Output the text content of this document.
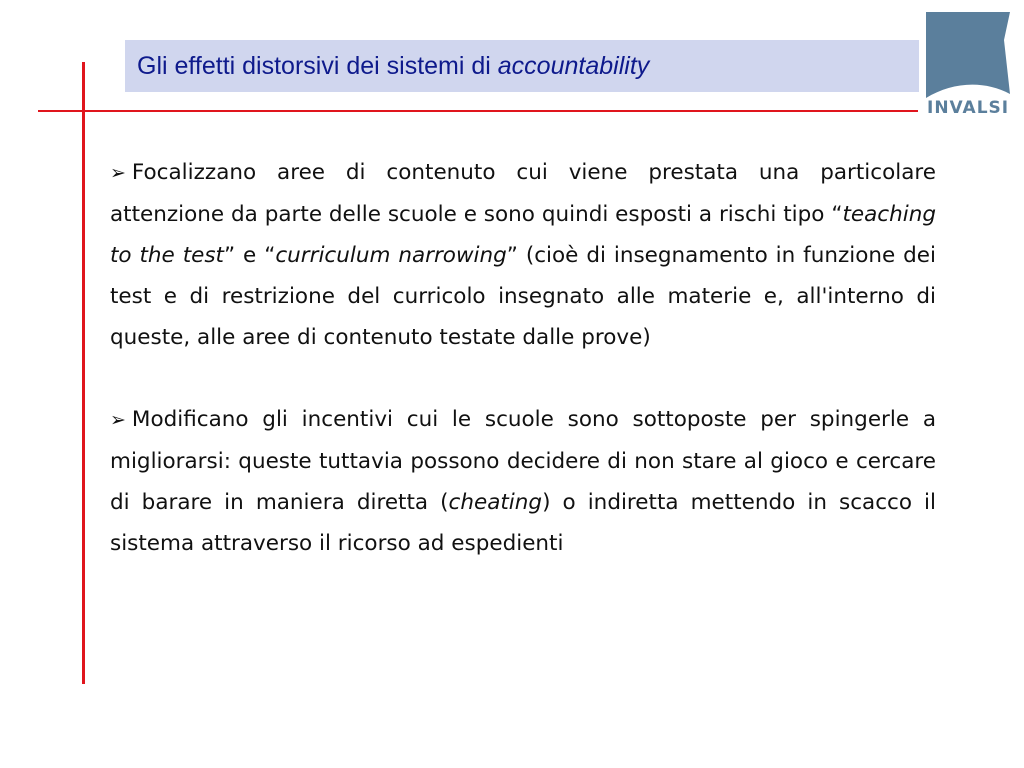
Gli effetti distorsivi dei sistemi di accountability
INVALSI

➢ Focalizzano aree di contenuto cui viene prestata una particolare attenzione da parte delle scuole e sono quindi esposti a rischi tipo “teaching to the test” e “curriculum narrowing” (cioè di insegnamento in funzione dei test e di restrizione del curricolo insegnato alle materie e, all'interno di queste, alle aree di contenuto testate dalle prove)

➢ Modificano gli incentivi cui le scuole sono sottoposte per spingerle a migliorarsi: queste tuttavia possono decidere di non stare al gioco e cercare di barare in maniera diretta (cheating) o indiretta mettendo in scacco il sistema attraverso il ricorso ad espedienti
